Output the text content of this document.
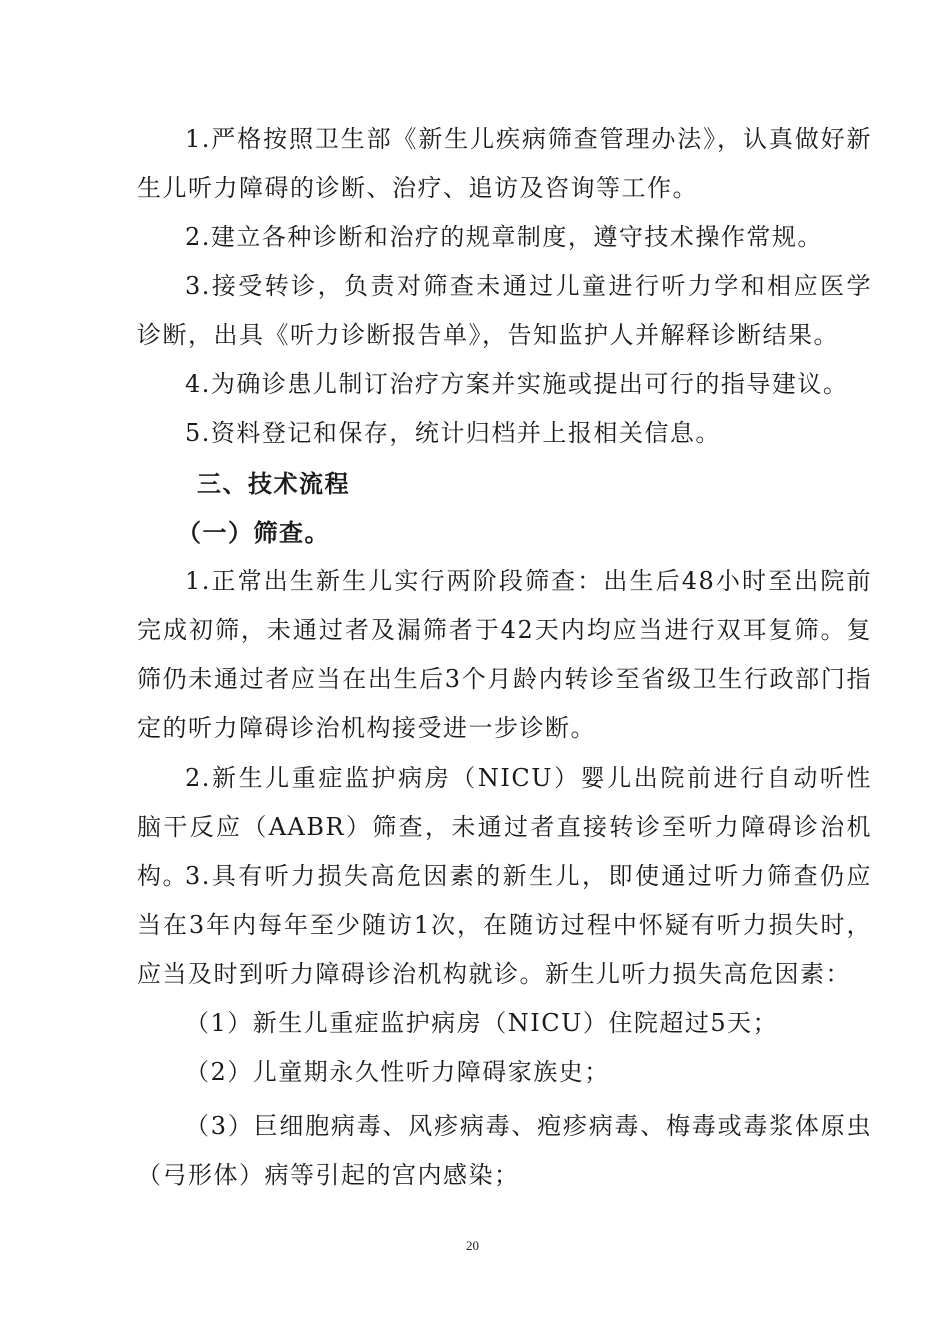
1.严格按照卫生部《新生儿疾病筛查管理办法》，认真做好新生儿听力障碍的诊断、治疗、追访及咨询等工作。

2.建立各种诊断和治疗的规章制度，遵守技术操作常规。

3.接受转诊，负责对筛查未通过儿童进行听力学和相应医学诊断，出具《听力诊断报告单》，告知监护人并解释诊断结果。

4.为确诊患儿制订治疗方案并实施或提出可行的指导建议。

5.资料登记和保存，统计归档并上报相关信息。

三、技术流程
（一）筛查。

1.正常出生新生儿实行两阶段筛查：出生后48小时至出院前完成初筛，未通过者及漏筛者于42天内均应当进行双耳复筛。复筛仍未通过者应当在出生后3个月龄内转诊至省级卫生行政部门指定的听力障碍诊治机构接受进一步诊断。

2.新生儿重症监护病房（NICU）婴儿出院前进行自动听性脑干反应（AABR）筛查，未通过者直接转诊至听力障碍诊治机构。

3.具有听力损失高危因素的新生儿，即使通过听力筛查仍应当在3年内每年至少随访1次，在随访过程中怀疑有听力损失时，应当及时到听力障碍诊治机构就诊。新生儿听力损失高危因素：

（1）新生儿重症监护病房（NICU）住院超过5天；

（2）儿童期永久性听力障碍家族史；

（3）巨细胞病毒、风疹病毒、疱疹病毒、梅毒或毒浆体原虫（弓形体）病等引起的宫内感染；

20
